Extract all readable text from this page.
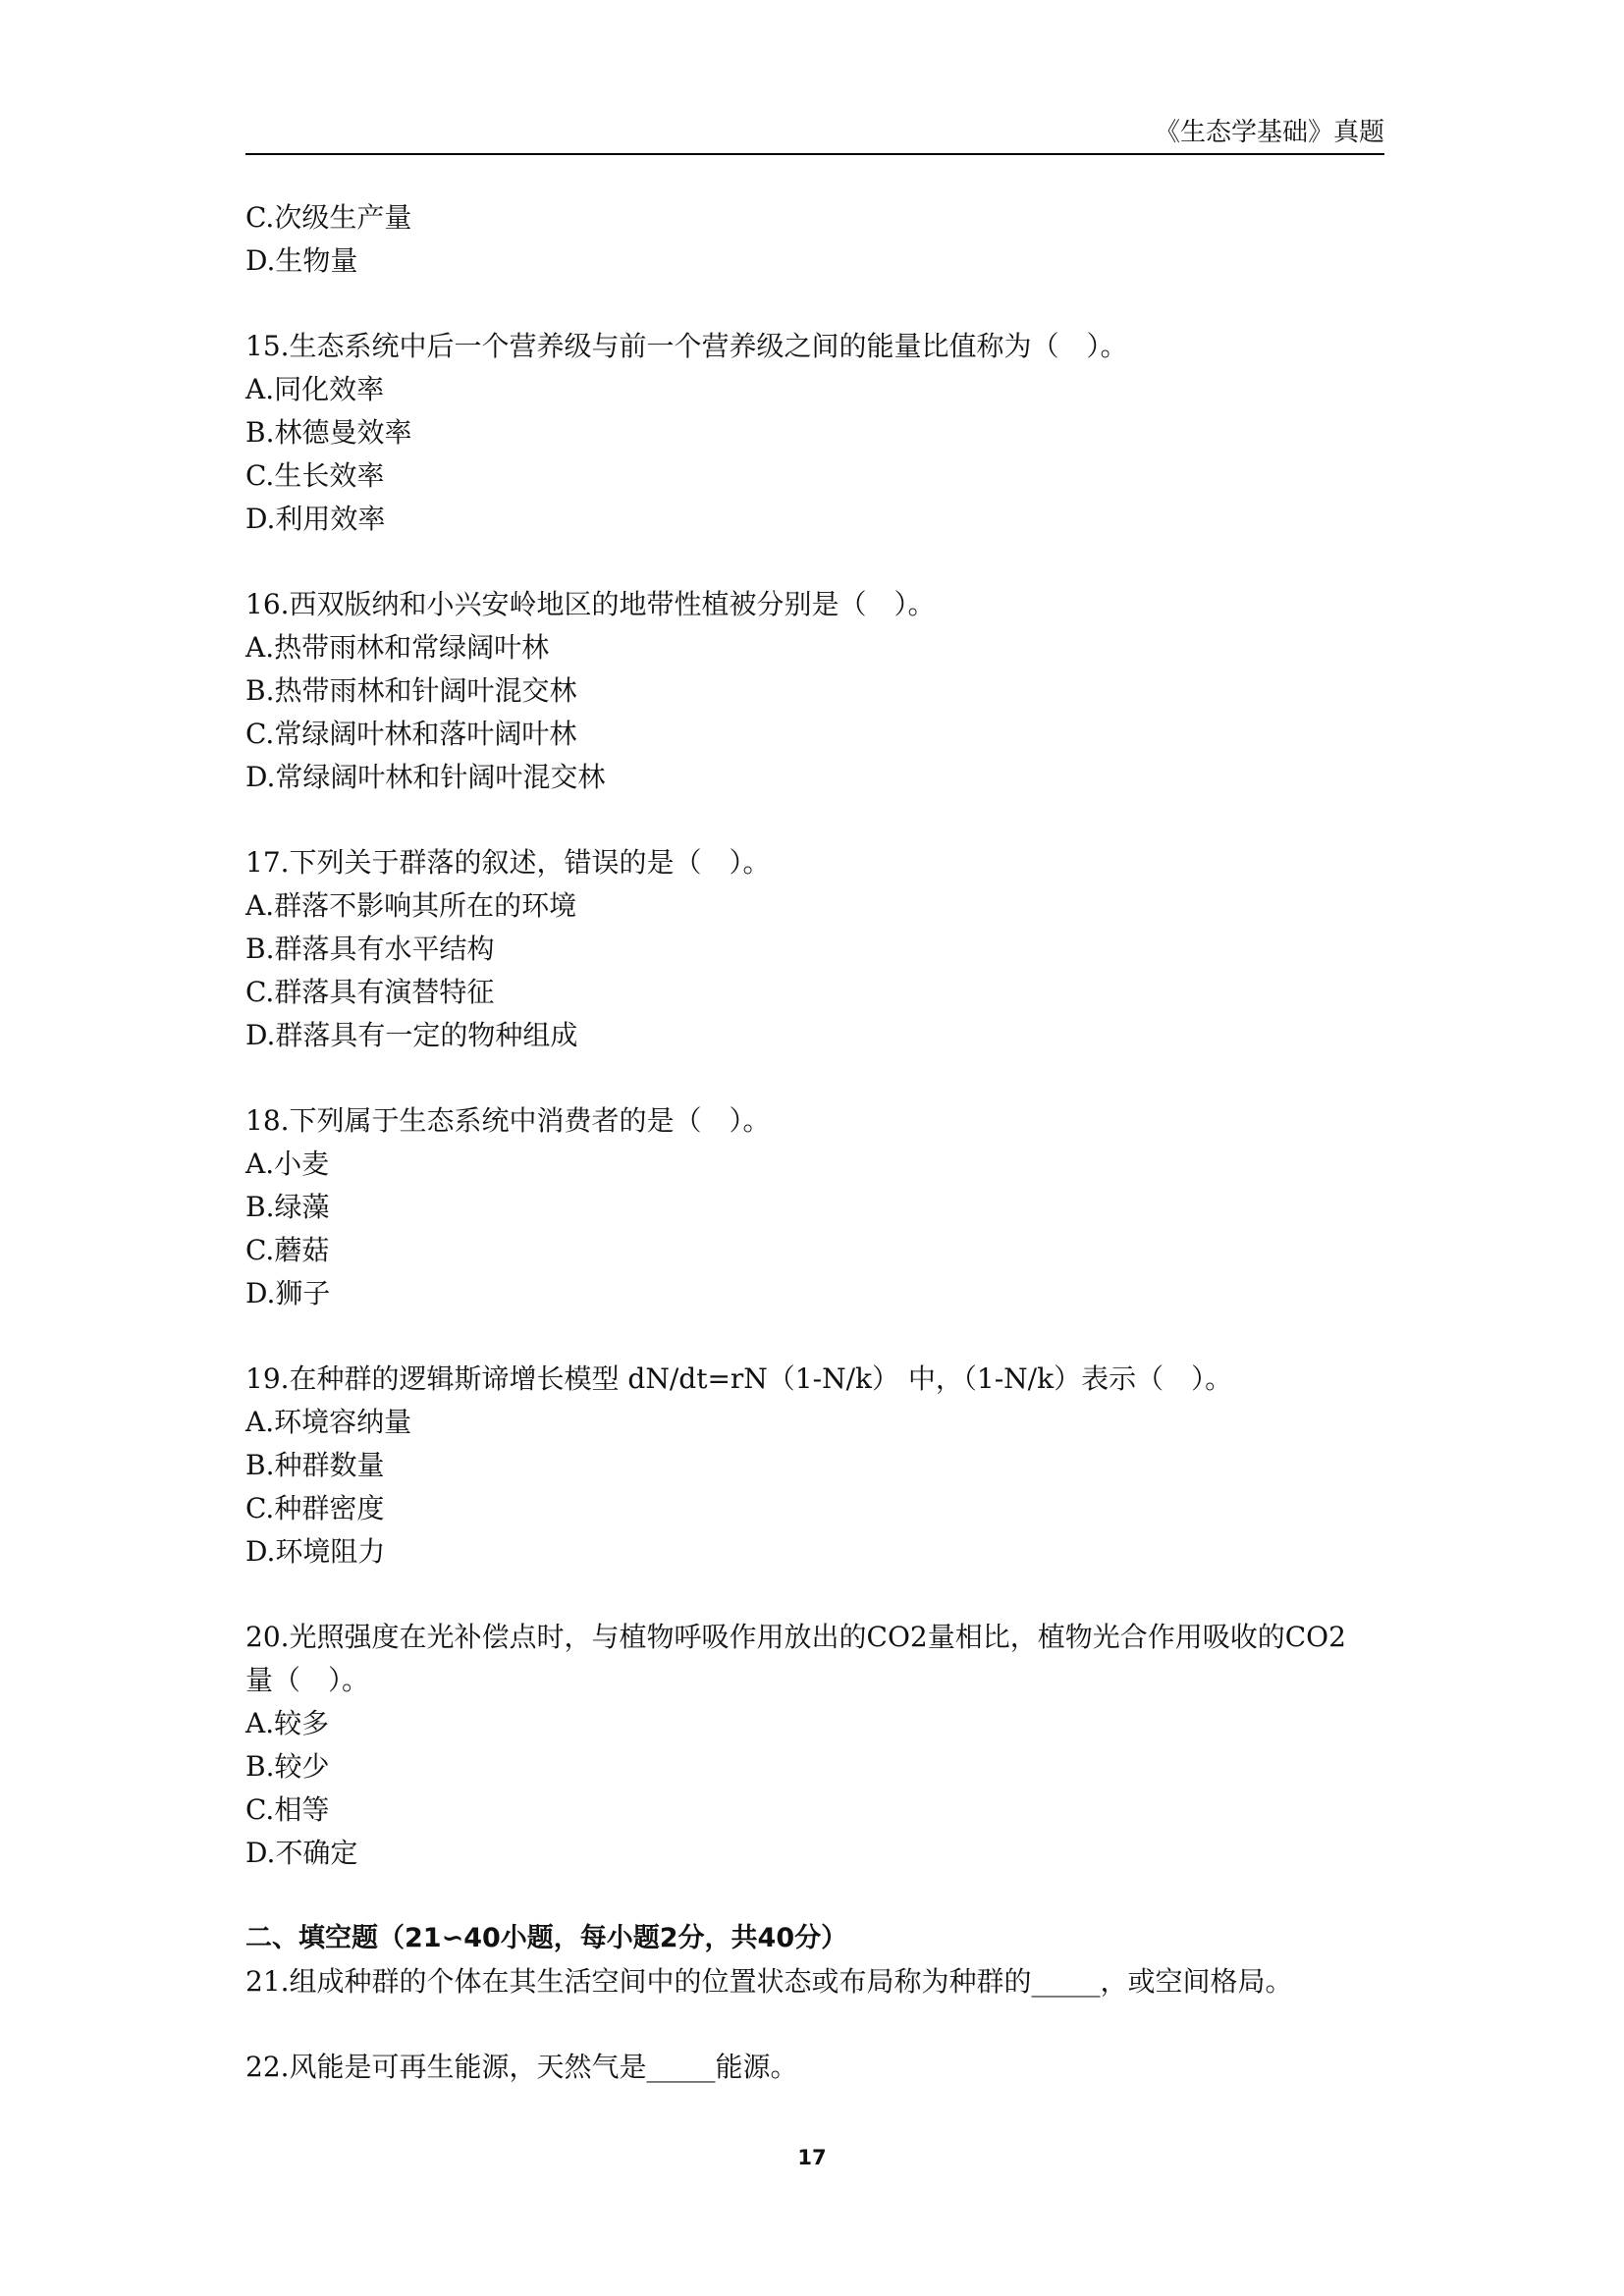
《生态学基础》真题
C.次级生产量
D.生物量
15.生态系统中后一个营养级与前一个营养级之间的能量比值称为（　）。
A.同化效率
B.林德曼效率
C.生长效率
D.利用效率
16.西双版纳和小兴安岭地区的地带性植被分别是（　）。
A.热带雨林和常绿阔叶林
B.热带雨林和针阔叶混交林
C.常绿阔叶林和落叶阔叶林
D.常绿阔叶林和针阔叶混交林
17.下列关于群落的叙述，错误的是（　）。
A.群落不影响其所在的环境
B.群落具有水平结构
C.群落具有演替特征
D.群落具有一定的物种组成
18.下列属于生态系统中消费者的是（　）。
A.小麦
B.绿藻
C.蘑菇
D.狮子
19.在种群的逻辑斯谛增长模型 dN/dt=rN（1-N/k） 中，（1-N/k）表示（　）。
A.环境容纳量
B.种群数量
C.种群密度
D.环境阻力
20.光照强度在光补偿点时，与植物呼吸作用放出的CO2量相比，植物光合作用吸收的CO2
量（　）。
A.较多
B.较少
C.相等
D.不确定
二、填空题（21∽40小题，每小题2分，共40分）
21.组成种群的个体在其生活空间中的位置状态或布局称为种群的_____，或空间格局。
22.风能是可再生能源，天然气是_____能源。
17
